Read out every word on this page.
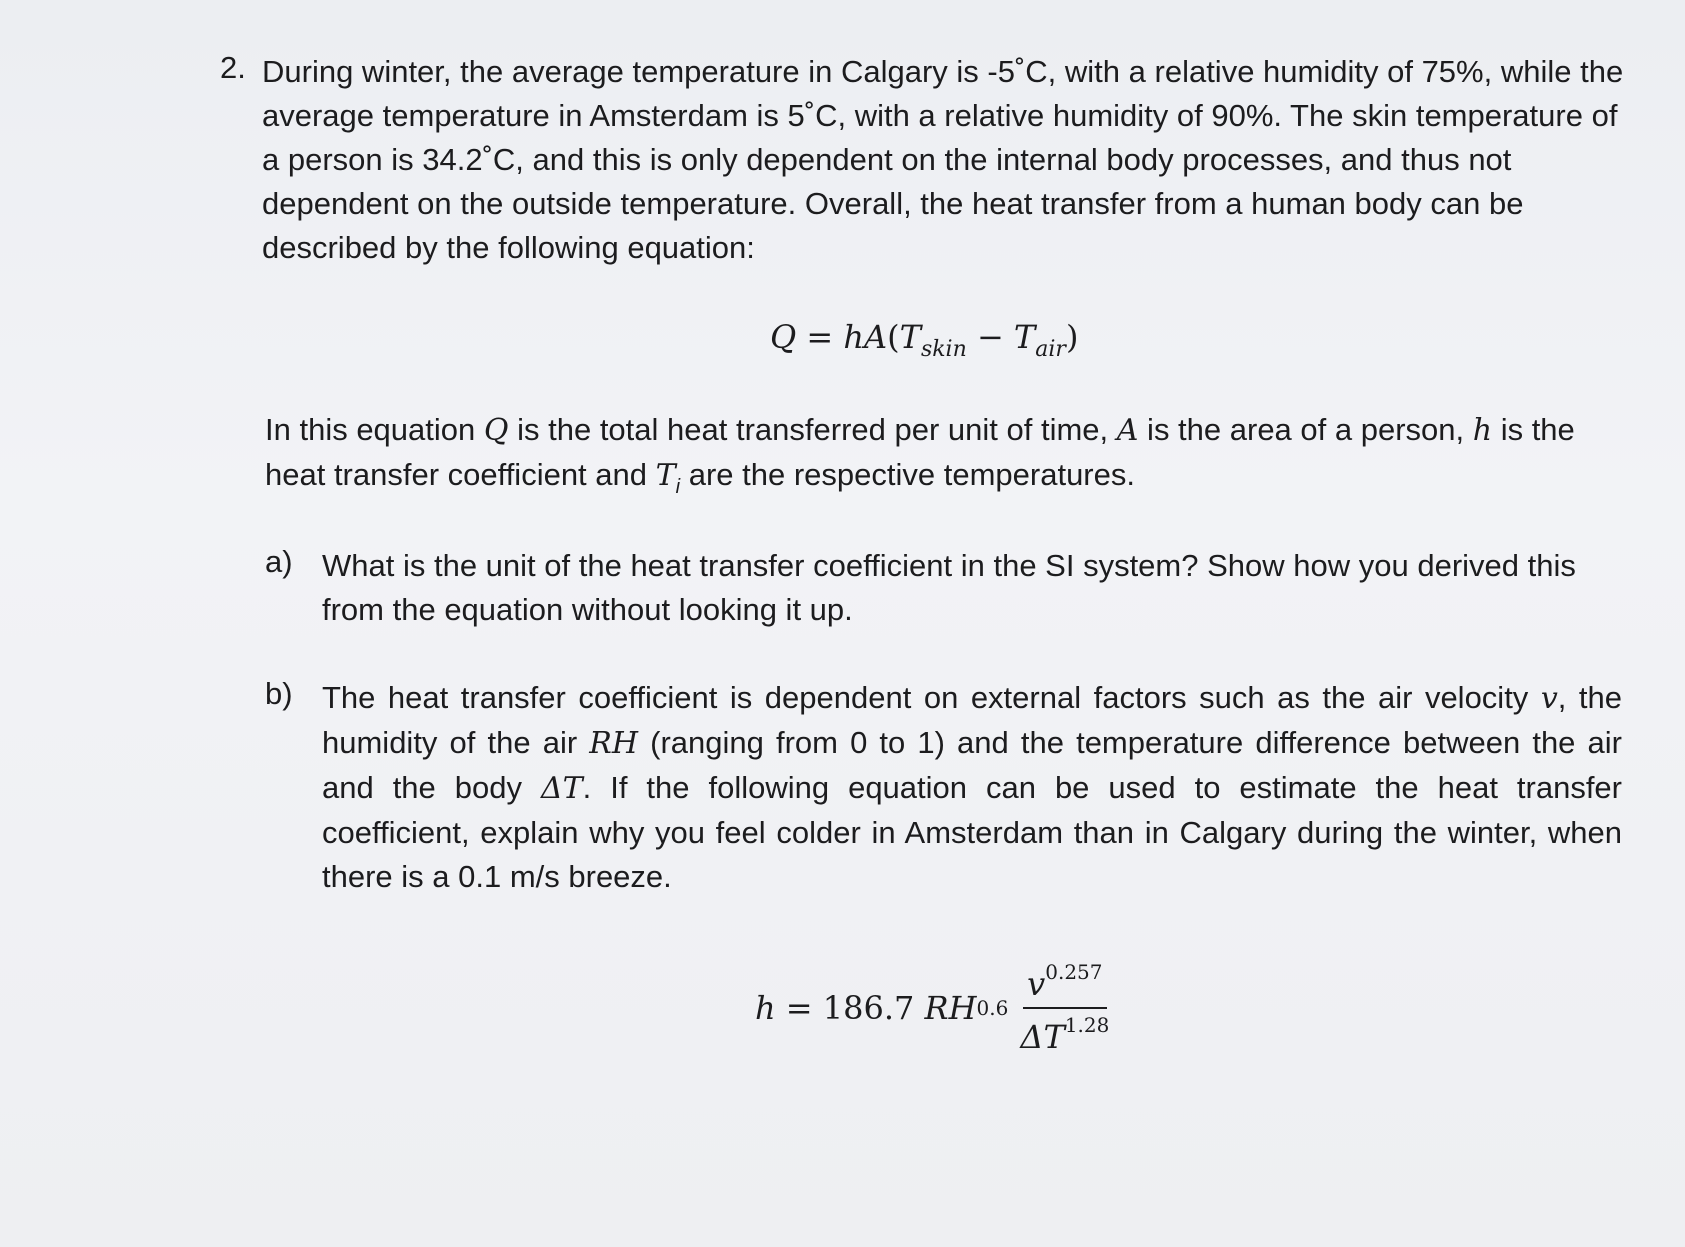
2. During winter, the average temperature in Calgary is -5˚C, with a relative humidity of 75%, while the average temperature in Amsterdam is 5˚C, with a relative humidity of 90%. The skin temperature of a person is 34.2˚C, and this is only dependent on the internal body processes, and thus not dependent on the outside temperature. Overall, the heat transfer from a human body can be described by the following equation:
$Q = hA(T_{skin} - T_{air})$
In this equation Q is the total heat transferred per unit of time, A is the area of a person, h is the heat transfer coefficient and $T_i$ are the respective temperatures.
a) What is the unit of the heat transfer coefficient in the SI system? Show how you derived this from the equation without looking it up.
b) The heat transfer coefficient is dependent on external factors such as the air velocity v, the humidity of the air RH (ranging from 0 to 1) and the temperature difference between the air and the body ΔT. If the following equation can be used to estimate the heat transfer coefficient, explain why you feel colder in Amsterdam than in Calgary during the winter, when there is a 0.1 m/s breeze.
h
=
186.7
RH $0.6 \frac{v^{0.257}}{\Delta T^{1.28}}$
